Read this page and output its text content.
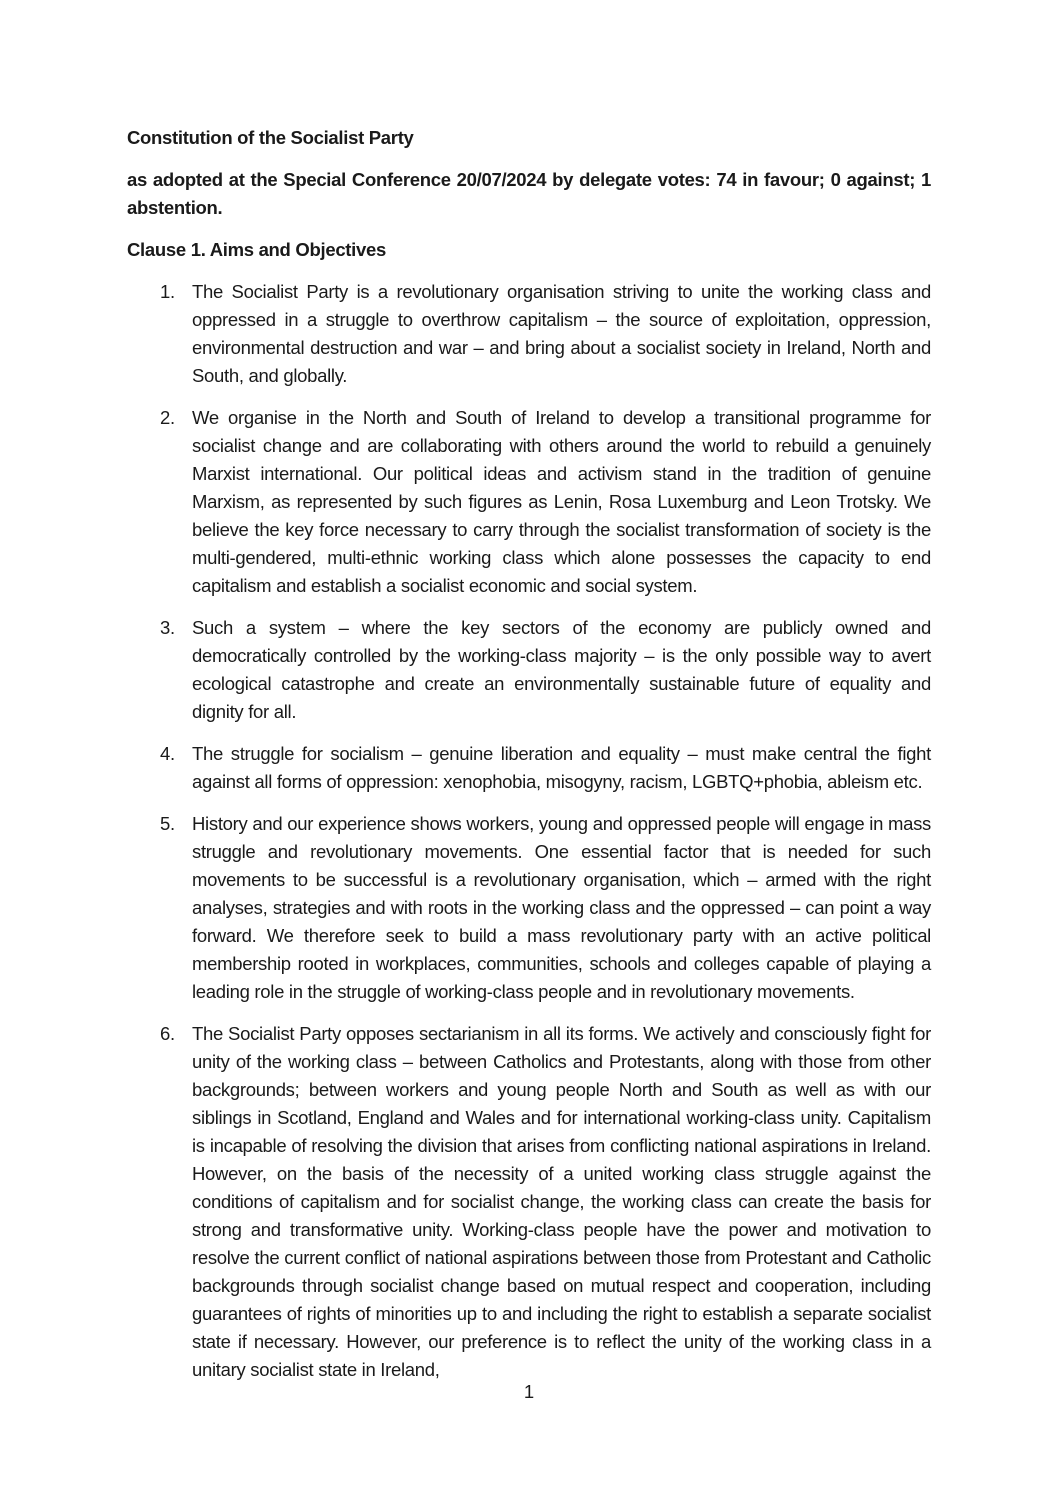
Constitution of the Socialist Party

as adopted at the Special Conference 20/07/2024 by delegate votes: 74 in favour; 0 against; 1 abstention.

Clause 1. Aims and Objectives

1. The Socialist Party is a revolutionary organisation striving to unite the working class and oppressed in a struggle to overthrow capitalism – the source of exploitation, oppression, environmental destruction and war – and bring about a socialist society in Ireland, North and South, and globally.
2. We organise in the North and South of Ireland to develop a transitional programme for socialist change and are collaborating with others around the world to rebuild a genuinely Marxist international. Our political ideas and activism stand in the tradition of genuine Marxism, as represented by such figures as Lenin, Rosa Luxemburg and Leon Trotsky. We believe the key force necessary to carry through the socialist transformation of society is the multi-gendered, multi-ethnic working class which alone possesses the capacity to end capitalism and establish a socialist economic and social system.
3. Such a system – where the key sectors of the economy are publicly owned and democratically controlled by the working-class majority – is the only possible way to avert ecological catastrophe and create an environmentally sustainable future of equality and dignity for all.
4. The struggle for socialism – genuine liberation and equality – must make central the fight against all forms of oppression: xenophobia, misogyny, racism, LGBTQ+phobia, ableism etc.
5. History and our experience shows workers, young and oppressed people will engage in mass struggle and revolutionary movements. One essential factor that is needed for such movements to be successful is a revolutionary organisation, which – armed with the right analyses, strategies and with roots in the working class and the oppressed – can point a way forward. We therefore seek to build a mass revolutionary party with an active political membership rooted in workplaces, communities, schools and colleges capable of playing a leading role in the struggle of working-class people and in revolutionary movements.
6. The Socialist Party opposes sectarianism in all its forms. We actively and consciously fight for unity of the working class – between Catholics and Protestants, along with those from other backgrounds; between workers and young people North and South as well as with our siblings in Scotland, England and Wales and for international working-class unity. Capitalism is incapable of resolving the division that arises from conflicting national aspirations in Ireland. However, on the basis of the necessity of a united working class struggle against the conditions of capitalism and for socialist change, the working class can create the basis for strong and transformative unity. Working-class people have the power and motivation to resolve the current conflict of national aspirations between those from Protestant and Catholic backgrounds through socialist change based on mutual respect and cooperation, including guarantees of rights of minorities up to and including the right to establish a separate socialist state if necessary. However, our preference is to reflect the unity of the working class in a unitary socialist state in Ireland,
1
